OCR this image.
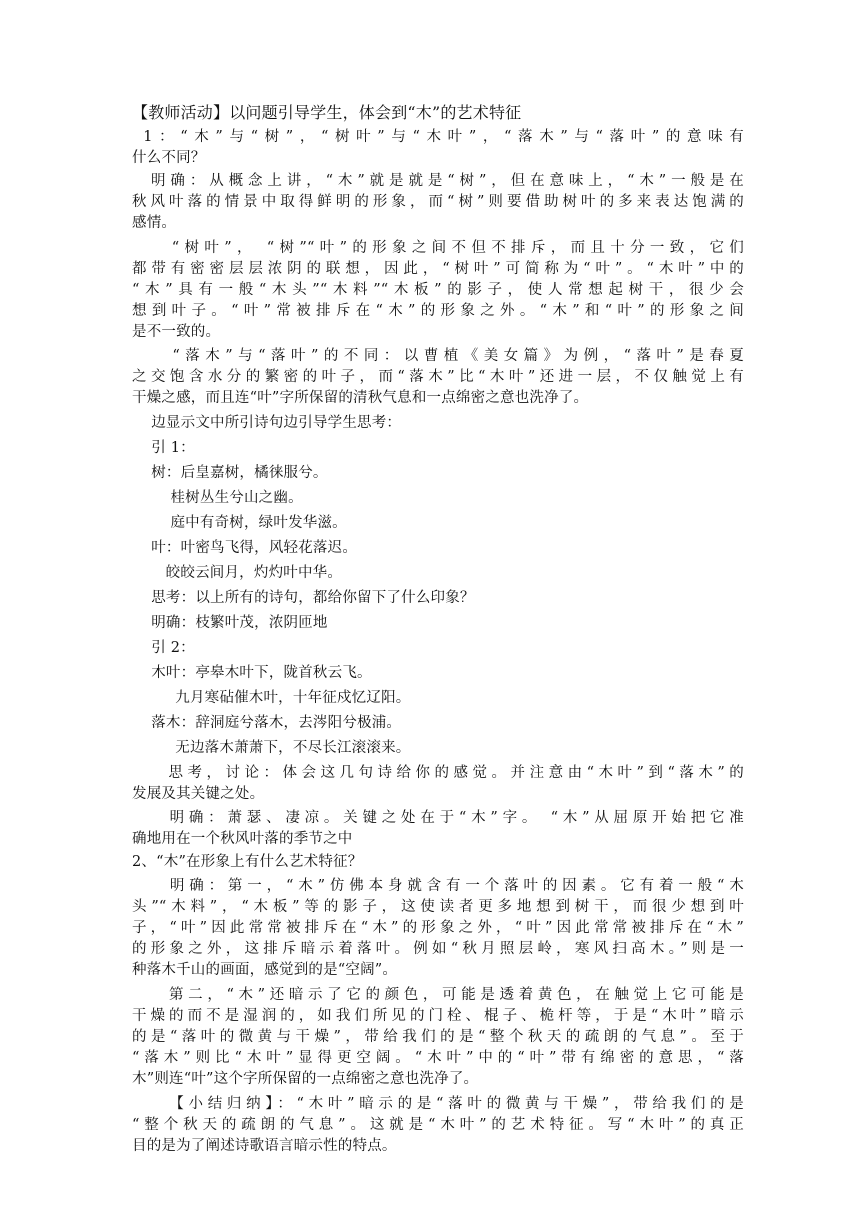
【教师活动】以问题引导学生，体会到“木”的艺术特征
1：“木”与“树”，“树叶”与“木叶”，“落木”与“落叶”的意味有
什么不同？
明确：从概念上讲，“木”就是就是“树”，但在意味上，“木”一般是在
秋风叶落的情景中取得鲜明的形象，而“树”则要借助树叶的多来表达饱满的
感情。
“树叶”， “树”“叶”的形象之间不但不排斥，而且十分一致，它们
都带有密密层层浓阴的联想，因此，“树叶”可简称为“叶”。“木叶”中的
“木”具有一般“木头”“木料”“木板”的影子，使人常想起树干，很少会
想到叶子。“叶”常被排斥在“木”的形象之外。“木”和“叶”的形象之间
是不一致的。
“落木”与“落叶”的不同：以曹植《美女篇》为例，“落叶”是春夏
之交饱含水分的繁密的叶子，而“落木”比“木叶”还进一层，不仅触觉上有
干燥之感，而且连“叶”字所保留的清秋气息和一点绵密之意也洗净了。
边显示文中所引诗句边引导学生思考：
引 1：
树：后皇嘉树，橘徕服兮。
桂树丛生兮山之幽。
庭中有奇树，绿叶发华滋。
叶：叶密鸟飞得，风轻花落迟。
皎皎云间月，灼灼叶中华。
思考：以上所有的诗句，都给你留下了什么印象？
明确：枝繁叶茂，浓阴匝地
引 2：
木叶：亭皋木叶下，陇首秋云飞。
九月寒砧催木叶，十年征戍忆辽阳。
落木：辞洞庭兮落木，去涔阳兮极浦。
无边落木萧萧下，不尽长江滚滚来。
思考，讨论：体会这几句诗给你的感觉。并注意由“木叶”到“落木”的
发展及其关键之处。
明确：萧瑟、凄凉。关键之处在于“木”字。 “木”从屈原开始把它准
确地用在一个秋风叶落的季节之中
2、“木”在形象上有什么艺术特征？
明确：第一，“木”仿佛本身就含有一个落叶的因素。它有着一般“木
头”“木料”，“木板”等的影子，这使读者更多地想到树干，而很少想到叶
子，“叶”因此常常被排斥在“木”的形象之外，“叶”因此常常被排斥在“木”
的形象之外，这排斥暗示着落叶。例如“秋月照层岭，寒风扫高木。”则是一
种落木千山的画面，感觉到的是“空阔”。
第二，“木”还暗示了它的颜色，可能是透着黄色，在触觉上它可能是
干燥的而不是湿润的，如我们所见的门栓、棍子、桅杆等，于是“木叶”暗示
的是“落叶的微黄与干燥”，带给我们的是“整个秋天的疏朗的气息”。至于
“落木”则比“木叶”显得更空阔。“木叶”中的“叶”带有绵密的意思，“落
木”则连“叶”这个字所保留的一点绵密之意也洗净了。
【小结归纳】：“木叶”暗示的是“落叶的微黄与干燥”，带给我们的是
“整个秋天的疏朗的气息”。这就是“木叶”的艺术特征。写“木叶”的真正
目的是为了阐述诗歌语言暗示性的特点。
